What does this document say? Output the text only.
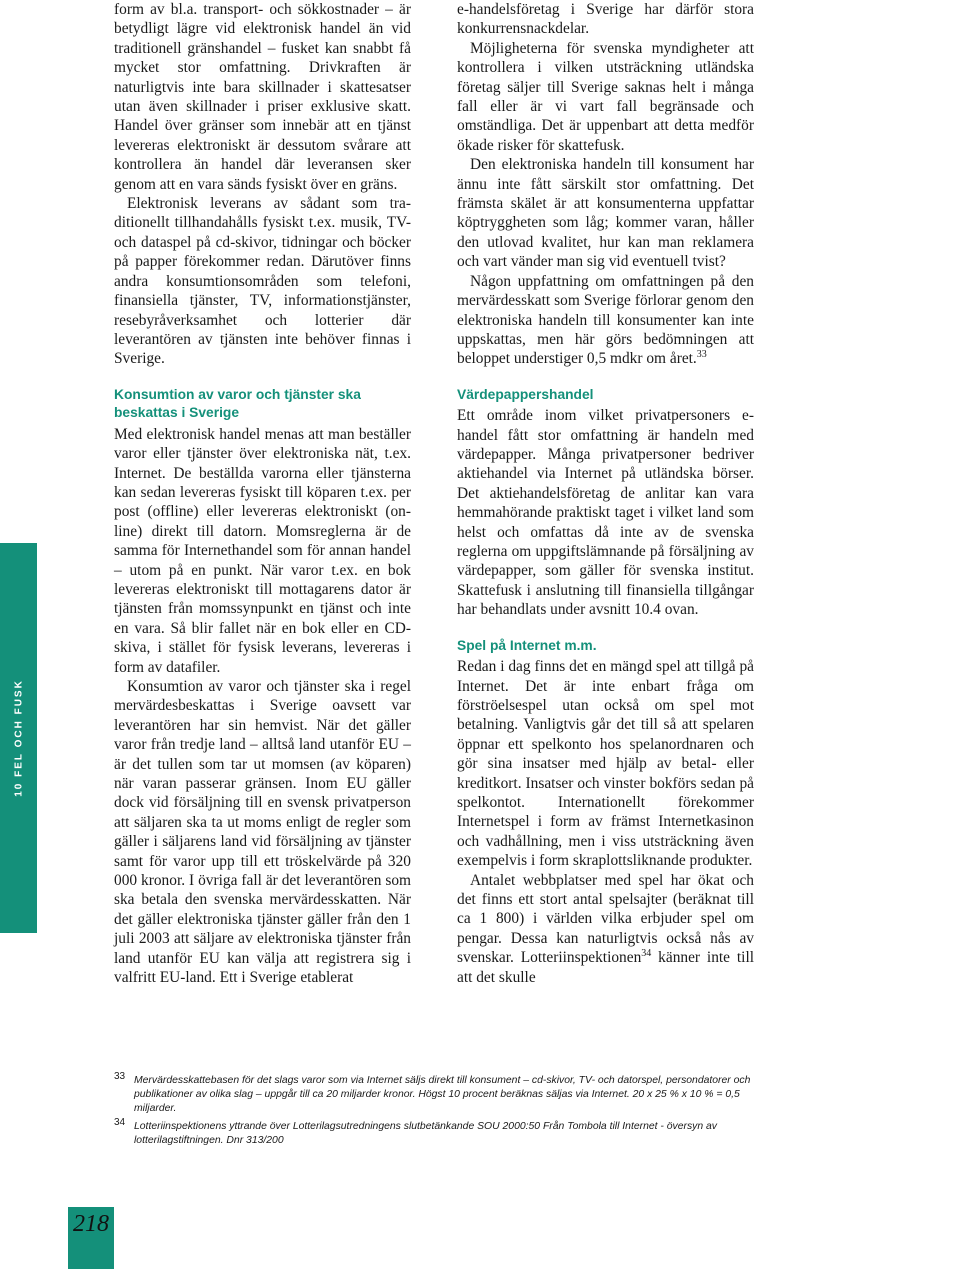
10 FEL OCH FUSK

form av bl.a. transport- och sökkostnader – är betydligt lägre vid elektronisk handel än vid traditionell gränshandel – fusket kan snabbt få mycket stor omfattning. Drivkraften är naturligtvis inte bara skillnader i skattesatser utan även skillnader i priser exklusive skatt. Handel över gränser som innebär att en tjänst levereras elektroniskt är dessutom svårare att kontrollera än handel där leveransen sker genom att en vara sänds fysiskt över en gräns.

Elektronisk leverans av sådant som traditionellt tillhandahålls fysiskt t.ex. musik, TV- och dataspel på cd-skivor, tidningar och böcker på papper förekommer redan. Därutöver finns andra konsumtionsområden som telefoni, finansiella tjänster, TV, informationstjänster, resebyråverksamhet och lotterier där leverantören av tjänsten inte behöver finnas i Sverige.

Konsumtion av varor och tjänster ska beskattas i Sverige

Med elektronisk handel menas att man beställer varor eller tjänster över elektroniska nät, t.ex. Internet. De beställda varorna eller tjänsterna kan sedan levereras fysiskt till köparen t.ex. per post (offline) eller levereras elektroniskt (on-line) direkt till datorn. Momsreglerna är de samma för Internethandel som för annan handel – utom på en punkt. När varor t.ex. en bok levereras elektroniskt till mottagarens dator är tjänsten från momssynpunkt en tjänst och inte en vara. Så blir fallet när en bok eller en CD-skiva, i stället för fysisk leverans, levereras i form av datafiler.

Konsumtion av varor och tjänster ska i regel mervärdesbeskattas i Sverige oavsett var leverantören har sin hemvist. När det gäller varor från tredje land – alltså land utanför EU – är det tullen som tar ut momsen (av köparen) när varan passerar gränsen. Inom EU gäller dock vid försäljning till en svensk privatperson att säljaren ska ta ut moms enligt de regler som gäller i säljarens land vid försäljning av tjänster samt för varor upp till ett tröskelvärde på 320 000 kronor. I övriga fall är det leverantören som ska betala den svenska mervärdesskatten. När det gäller elektroniska tjänster gäller från den 1 juli 2003 att säljare av elektroniska tjänster från land utanför EU kan välja att registrera sig i valfritt EU-land. Ett i Sverige etablerat

e-handelsföretag i Sverige har därför stora konkurrensnackdelar.

Möjligheterna för svenska myndigheter att kontrollera i vilken utsträckning utländska företag säljer till Sverige saknas helt i många fall eller är vi vart fall begränsade och omständliga. Det är uppenbart att detta medför ökade risker för skattefusk.

Den elektroniska handeln till konsument har ännu inte fått särskilt stor omfattning. Det främsta skälet är att konsumenterna uppfattar köptryggheten som låg; kommer varan, håller den utlovad kvalitet, hur kan man reklamera och vart vänder man sig vid eventuell tvist?

Någon uppfattning om omfattningen på den mervärdesskatt som Sverige förlorar genom den elektroniska handeln till konsumenter kan inte uppskattas, men här görs bedömningen att beloppet understiger 0,5 mdkr om året.$^{33}$

Värdepappershandel

Ett område inom vilket privatpersoners e-handel fått stor omfattning är handeln med värdepapper. Många privatpersoner bedriver aktiehandel via Internet på utländska börser. Det aktiehandelsföretag de anlitar kan vara hemmahörande praktiskt taget i vilket land som helst och omfattas då inte av de svenska reglerna om uppgiftslämnande på försäljning av värdepapper, som gäller för svenska institut. Skattefusk i anslutning till finansiella tillgångar har behandlats under avsnitt 10.4 ovan.

Spel på Internet m.m.

Redan i dag finns det en mängd spel att tillgå på Internet. Det är inte enbart fråga om förströelsespel utan också om spel mot betalning. Vanligtvis går det till så att spelaren öppnar ett spelkonto hos spelanordnaren och gör sina insatser med hjälp av betal- eller kreditkort. Insatser och vinster bokförs sedan på spelkontot. Internationellt förekommer Internetspel i form av främst Internetkasinon och vadhållning, men i viss utsträckning även exempelvis i form skraplottsliknande produkter.

Antalet webbplatser med spel har ökat och det finns ett stort antal spelsajter (beräknat till ca 1 800) i världen vilka erbjuder spel om pengar. Dessa kan naturligtvis också nås av svenskar. Lotteriinspektionen$^{34}$ känner inte till att det skulle

33 Mervärdesskattebasen för det slags varor som via Internet säljs direkt till konsument – cd-skivor, TV- och datorspel, persondatorer och publikationer av olika slag – uppgår till ca 20 miljarder kronor. Högst 10 procent beräknas säljas via Internet. 20 x 25 % x 10 % = 0,5 miljarder.
34 Lotteriinspektionens yttrande över Lotterilagsutredningens slutbetänkande SOU 2000:50 Från Tombola till Internet - översyn av lotterilagstiftningen. Dnr 313/200
218
